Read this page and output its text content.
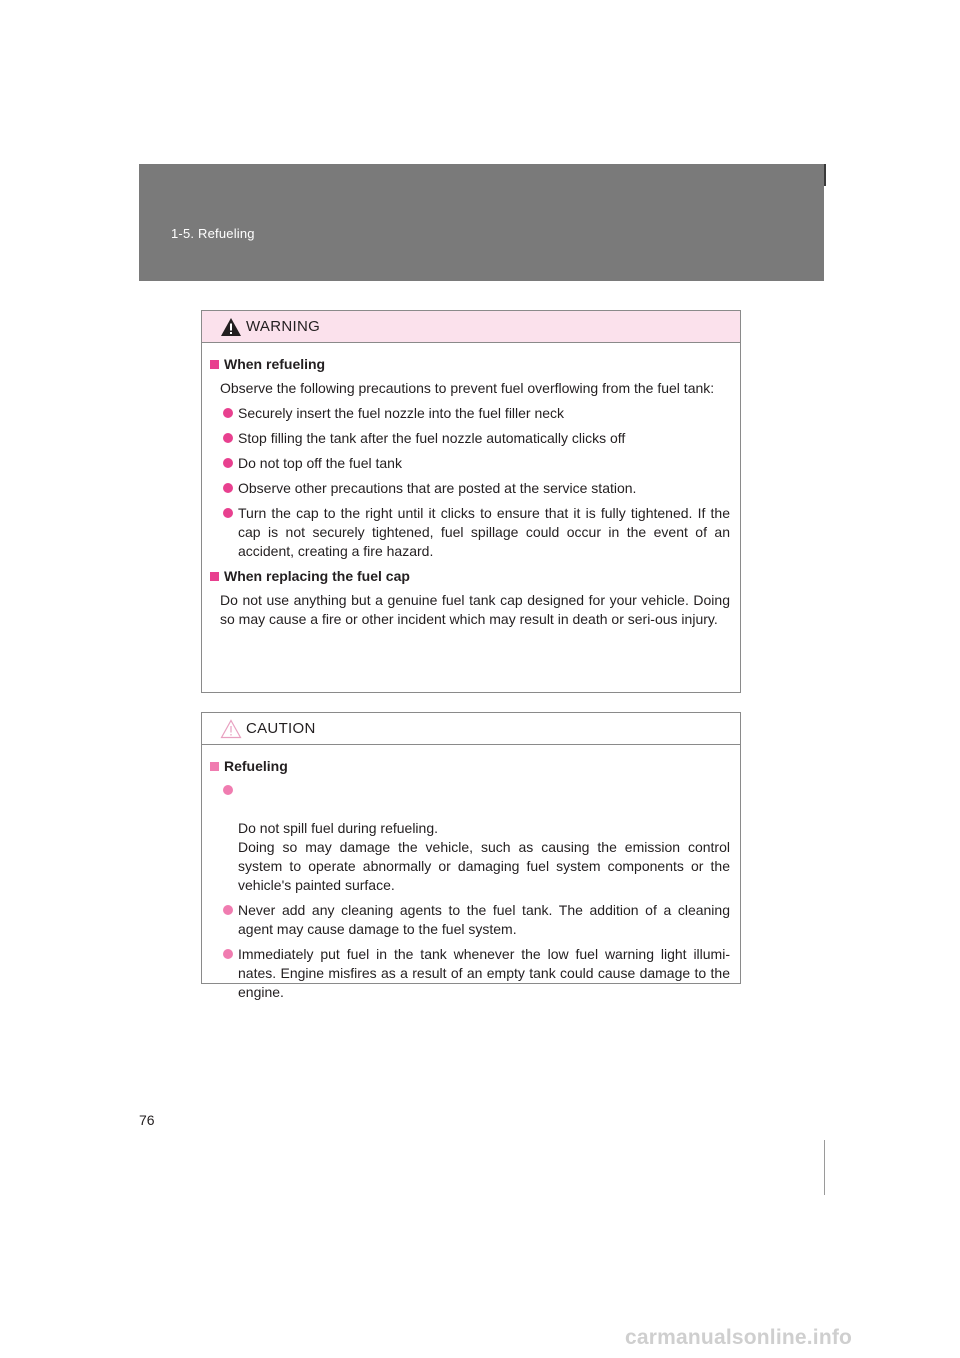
1-5. Refueling
WARNING
When refueling
Observe the following precautions to prevent fuel overflowing from the fuel tank:
Securely insert the fuel nozzle into the fuel filler neck
Stop filling the tank after the fuel nozzle automatically clicks off
Do not top off the fuel tank
Observe other precautions that are posted at the service station.
Turn the cap to the right until it clicks to ensure that it is fully tightened. If the cap is not securely tightened, fuel spillage could occur in the event of an accident, creating a fire hazard.
When replacing the fuel cap
Do not use anything but a genuine fuel tank cap designed for your vehicle. Doing so may cause a fire or other incident which may result in death or seri-ous injury.
CAUTION
Refueling

Do not spill fuel during refueling.
Doing so may damage the vehicle, such as causing the emission control system to operate abnormally or damaging fuel system components or the vehicle's painted surface.

Never add any cleaning agents to the fuel tank. The addition of a cleaning agent may cause damage to the fuel system.
Immediately put fuel in the tank whenever the low fuel warning light illumi-nates. Engine misfires as a result of an empty tank could cause damage to the engine.
76
carmanualsonline.info
